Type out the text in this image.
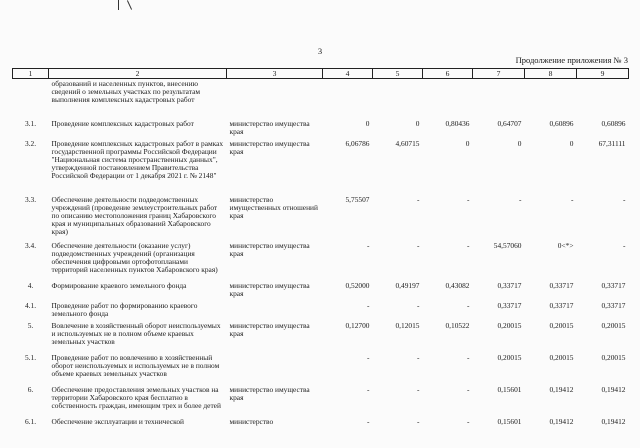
3
Продолжение приложения № 3
1	2	3	4	5	6	7	8	9
	образований и населенных пунктов, внесению сведений о земельных участках по результатам выполнения комплексных кадастровых работ							
3.1.	Проведение комплексных кадастровых работ	министерство имущества края	0	0	0,80436	0,64707	0,60896	0,60896
3.2.	Проведение комплексных кадастровых работ в рамках государственной программы Российской Федерации "Национальная система пространственных данных", утвержденной постановлением Правительства Российской Федерации от 1 декабря 2021 г. № 2148"	министерство имущества края	6,06786	4,60715	0	0	0	67,31111
3.3.	Обеспечение деятельности подведомственных учреждений (проведение землеустроительных работ по описанию местоположения границ Хабаровского края и муниципальных образований Хабаровского края)	министерство имущественных отношений края	5,75507	-	-	-	-	-
3.4.	Обеспечение деятельности (оказание услуг) подведомственных учреждений (организация обеспечения цифровыми ортофотопланами территорий населенных пунктов Хабаровского края)	министерство имущества края	-	-	-	54,57060	0<*>	-
4.	Формирование краевого земельного фонда	министерство имущества края	0,52000	0,49197	0,43082	0,33717	0,33717	0,33717
4.1.	Проведение работ по формированию краевого земельного фонда		-	-	-	0,33717	0,33717	0,33717
5.	Вовлечение в хозяйственный оборот неиспользуемых и используемых не в полном объеме краевых земельных участков	министерство имущества края	0,12700	0,12015	0,10522	0,20015	0,20015	0,20015
5.1.	Проведение работ по вовлечению в хозяйственный оборот неиспользуемых и используемых не в полном объеме краевых земельных участков		-	-	-	0,20015	0,20015	0,20015
6.	Обеспечение предоставления земельных участков на территории Хабаровского края бесплатно в собственность граждан, имеющим трех и более детей	министерство имущества края	-	-	-	0,15601	0,19412	0,19412
6.1.	Обеспечение эксплуатации и технической	министерство	-	-	-	0,15601	0,19412	0,19412
